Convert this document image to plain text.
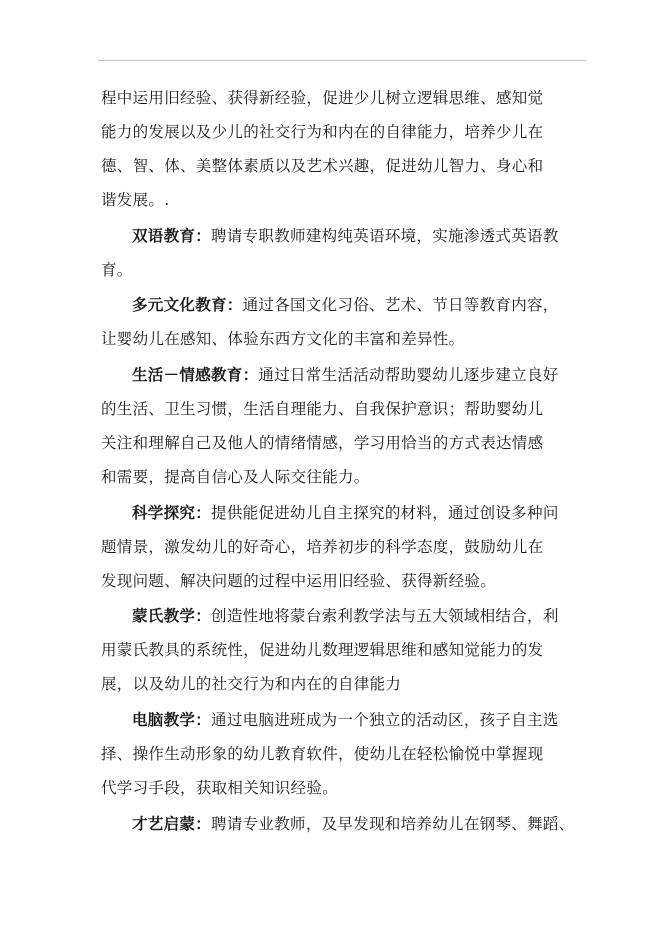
程中运用旧经验、获得新经验，促进少儿树立逻辑思维、感知觉
能力的发展以及少儿的社交行为和内在的自律能力，培养少儿在
德、智、体、美整体素质以及艺术兴趣，促进幼儿智力、身心和
谐发展。.
双语教育：聘请专职教师建构纯英语环境，实施渗透式英语教
育。
多元文化教育：通过各国文化习俗、艺术、节日等教育内容，
让婴幼儿在感知、体验东西方文化的丰富和差异性。
生活－情感教育：通过日常生活活动帮助婴幼儿逐步建立良好
的生活、卫生习惯，生活自理能力、自我保护意识；帮助婴幼儿
关注和理解自己及他人的情绪情感，学习用恰当的方式表达情感
和需要，提高自信心及人际交往能力。
科学探究：提供能促进幼儿自主探究的材料，通过创设多种问
题情景，激发幼儿的好奇心，培养初步的科学态度，鼓励幼儿在
发现问题、解决问题的过程中运用旧经验、获得新经验。
蒙氏教学：创造性地将蒙台索利教学法与五大领域相结合，利
用蒙氏教具的系统性，促进幼儿数理逻辑思维和感知觉能力的发
展，以及幼儿的社交行为和内在的自律能力
电脑教学：通过电脑进班成为一个独立的活动区，孩子自主选
择、操作生动形象的幼儿教育软件，使幼儿在轻松愉悦中掌握现
代学习手段，获取相关知识经验。
才艺启蒙：聘请专业教师，及早发现和培养幼儿在钢琴、舞蹈、
